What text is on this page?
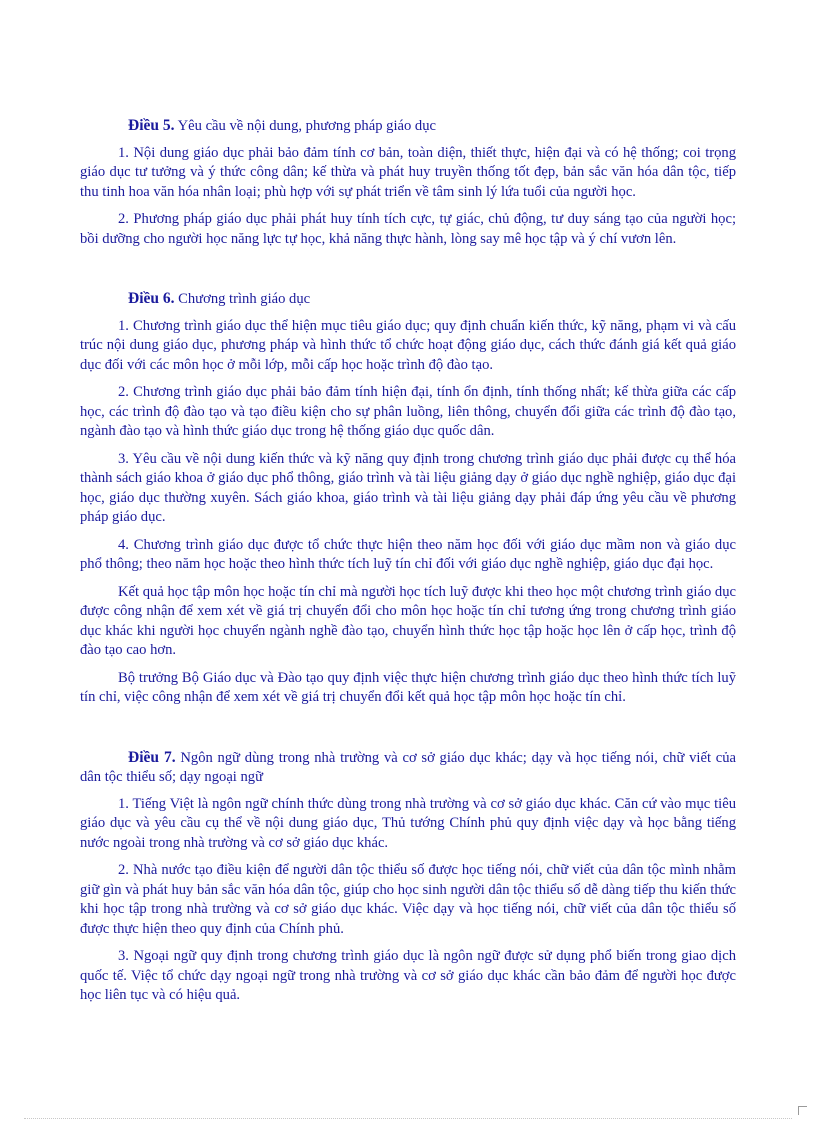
Điều 5. Yêu cầu về nội dung, phương pháp giáo dục

1. Nội dung giáo dục phải bảo đảm tính cơ bản, toàn diện, thiết thực, hiện đại và có hệ thống; coi trọng giáo dục tư tưởng và ý thức công dân; kế thừa và phát huy truyền thống tốt đẹp, bản sắc văn hóa dân tộc, tiếp thu tinh hoa văn hóa nhân loại; phù hợp với sự phát triển về tâm sinh lý lứa tuổi của người học.

2. Phương pháp giáo dục phải phát huy tính tích cực, tự giác, chủ động, tư duy sáng tạo của người học; bồi dưỡng cho người học năng lực tự học, khả năng thực hành, lòng say mê học tập và ý chí vươn lên.

Điều 6. Chương trình giáo dục

1. Chương trình giáo dục thể hiện mục tiêu giáo dục; quy định chuẩn kiến thức, kỹ năng, phạm vi và cấu trúc nội dung giáo dục, phương pháp và hình thức tổ chức hoạt động giáo dục, cách thức đánh giá kết quả giáo dục đối với các môn học ở mỗi lớp, mỗi cấp học hoặc trình độ đào tạo.

2. Chương trình giáo dục phải bảo đảm tính hiện đại, tính ổn định, tính thống nhất; kế thừa giữa các cấp học, các trình độ đào tạo và tạo điều kiện cho sự phân luồng, liên thông, chuyển đổi giữa các trình độ đào tạo, ngành đào tạo và hình thức giáo dục trong hệ thống giáo dục quốc dân.

3. Yêu cầu về nội dung kiến thức và kỹ năng quy định trong chương trình giáo dục phải được cụ thể hóa thành sách giáo khoa ở giáo dục phổ thông, giáo trình và tài liệu giảng dạy ở giáo dục nghề nghiệp, giáo dục đại học, giáo dục thường xuyên. Sách giáo khoa, giáo trình và tài liệu giảng dạy phải đáp ứng yêu cầu về phương pháp giáo dục.

4. Chương trình giáo dục được tổ chức thực hiện theo năm học đối với giáo dục mầm non và giáo dục phổ thông; theo năm học hoặc theo hình thức tích luỹ tín chỉ đối với giáo dục nghề nghiệp, giáo dục đại học.

Kết quả học tập môn học hoặc tín chỉ mà người học tích luỹ được khi theo học một chương trình giáo dục được công nhận để xem xét về giá trị chuyển đổi cho môn học hoặc tín chỉ tương ứng trong chương trình giáo dục khác khi người học chuyển ngành nghề đào tạo, chuyển hình thức học tập hoặc học lên ở cấp học, trình độ đào tạo cao hơn.

Bộ trưởng Bộ Giáo dục và Đào tạo quy định việc thực hiện chương trình giáo dục theo hình thức tích luỹ tín chỉ, việc công nhận để xem xét về giá trị chuyển đổi kết quả học tập môn học hoặc tín chỉ.

Điều 7. Ngôn ngữ dùng trong nhà trường và cơ sở giáo dục khác; dạy và học tiếng nói, chữ viết của dân tộc thiểu số; dạy ngoại ngữ

1. Tiếng Việt là ngôn ngữ chính thức dùng trong nhà trường và cơ sở giáo dục khác. Căn cứ vào mục tiêu giáo dục và yêu cầu cụ thể về nội dung giáo dục, Thủ tướng Chính phủ quy định việc dạy và học bằng tiếng nước ngoài trong nhà trường và cơ sở giáo dục khác.

2. Nhà nước tạo điều kiện để người dân tộc thiểu số được học tiếng nói, chữ viết của dân tộc mình nhằm giữ gìn và phát huy bản sắc văn hóa dân tộc, giúp cho học sinh người dân tộc thiểu số dễ dàng tiếp thu kiến thức khi học tập trong nhà trường và cơ sở giáo dục khác. Việc dạy và học tiếng nói, chữ viết của dân tộc thiểu số được thực hiện theo quy định của Chính phủ.

3. Ngoại ngữ quy định trong chương trình giáo dục là ngôn ngữ được sử dụng phổ biến trong giao dịch quốc tế. Việc tổ chức dạy ngoại ngữ trong nhà trường và cơ sở giáo dục khác cần bảo đảm để người học được học liên tục và có hiệu quả.
